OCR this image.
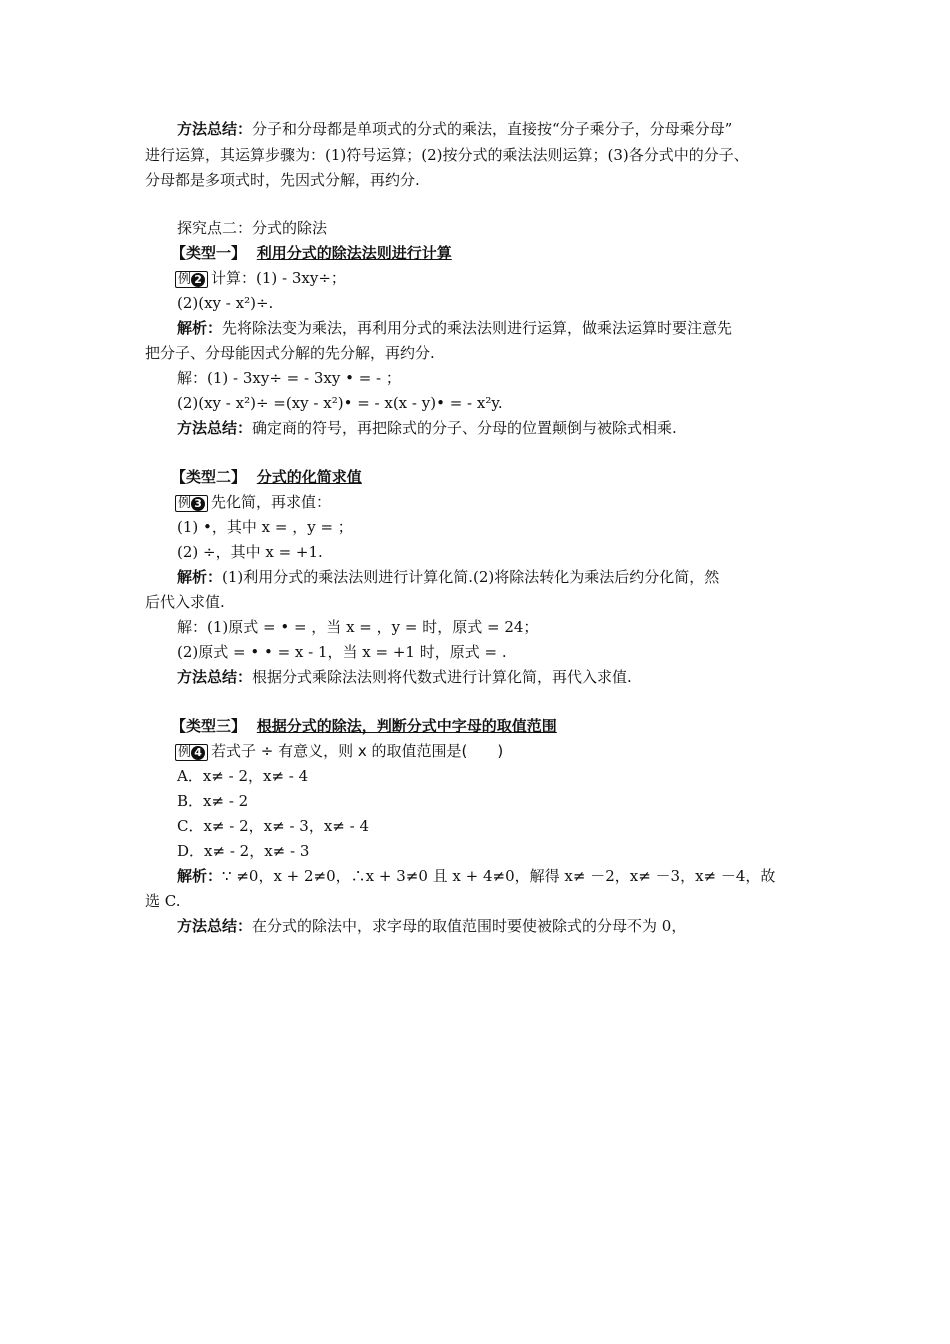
方法总结：分子和分母都是单项式的分式的乘法，直接按“分子乘分子，分母乘分母”
进行运算，其运算步骤为：(1)符号运算；(2)按分式的乘法法则运算；(3)各分式中的分子、
分母都是多项式时，先因式分解，再约分.
探究点二：分式的除法
【类型一】 利用分式的除法法则进行计算
例 2 计算：(1) - 3xy÷；
(2)(xy - x²)÷.
解析：先将除法变为乘法，再利用分式的乘法法则进行运算，做乘法运算时要注意先
把分子、分母能因式分解的先分解，再约分.
解：(1) - 3xy÷ = - 3xy • = - ；
(2)(xy - x²)÷ =(xy - x²)• = - x(x - y)• = - x²y.
方法总结：确定商的符号，再把除式的分子、分母的位置颠倒与被除式相乘.
【类型二】 分式的化简求值
例 3 先化简，再求值：
(1) •，其中 x = ，y = ；
(2) ÷，其中 x = +1.
解析：(1)利用分式的乘法法则进行计算化简.(2)将除法转化为乘法后约分化简，然
后代入求值.
解：(1)原式 = • = ，当 x = ，y = 时，原式 = 24；
(2)原式 = • • = x - 1，当 x = +1 时，原式 = .
方法总结：根据分式乘除法法则将代数式进行计算化简，再代入求值.
【类型三】 根据分式的除法，判断分式中字母的取值范围
例 4 若式子 ÷ 有意义，则 x 的取值范围是(　　)
A．x≠ - 2，x≠ - 4
B．x≠ - 2
C．x≠ - 2，x≠ - 3，x≠ - 4
D．x≠ - 2，x≠ - 3
解析：∵ ≠0，x + 2≠0，∴x + 3≠0 且 x + 4≠0，解得 x≠ －2，x≠ －3，x≠ －4，故
选 C.
方法总结：在分式的除法中，求字母的取值范围时要使被除式的分母不为 0，
